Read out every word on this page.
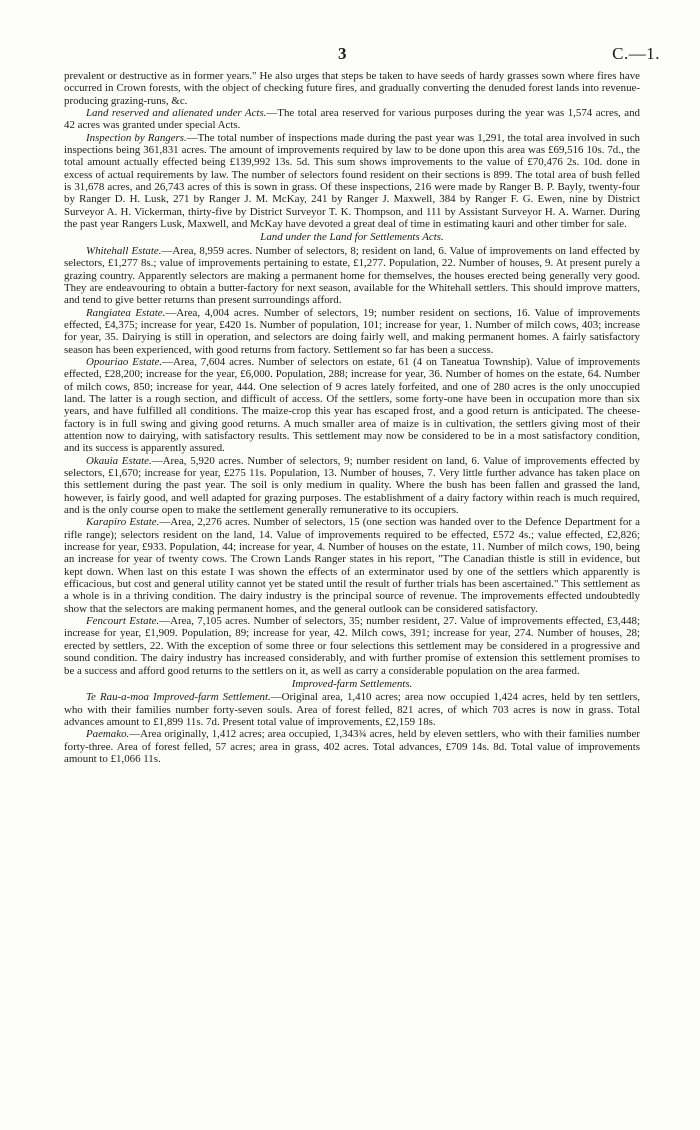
3	C.—1.

prevalent or destructive as in former years." He also urges that steps be taken to have seeds of hardy grasses sown where fires have occurred in Crown forests, with the object of checking future fires, and gradually converting the denuded forest lands into revenue-producing grazing-runs, &c.

Land reserved and alienated under Acts.—The total area reserved for various purposes during the year was 1,574 acres, and 42 acres was granted under special Acts.

Inspection by Rangers.—The total number of inspections made during the past year was 1,291, the total area involved in such inspections being 361,831 acres. The amount of improvements required by law to be done upon this area was £69,516 10s. 7d., the total amount actually effected being £139,992 13s. 5d. This sum shows improvements to the value of £70,476 2s. 10d. done in excess of actual requirements by law. The number of selectors found resident on their sections is 899. The total area of bush felled is 31,678 acres, and 26,743 acres of this is sown in grass. Of these inspections, 216 were made by Ranger B. P. Bayly, twenty-four by Ranger D. H. Lusk, 271 by Ranger J. M. McKay, 241 by Ranger J. Maxwell, 384 by Ranger F. G. Ewen, nine by District Surveyor A. H. Vickerman, thirty-five by District Surveyor T. K. Thompson, and 111 by Assistant Surveyor H. A. Warner. During the past year Rangers Lusk, Maxwell, and McKay have devoted a great deal of time in estimating kauri and other timber for sale.

Land under the Land for Settlements Acts.

Whitehall Estate.—Area, 8,959 acres. Number of selectors, 8; resident on land, 6. Value of improvements on land effected by selectors, £1,277 8s.; value of improvements pertaining to estate, £1,277. Population, 22. Number of houses, 9. At present purely a grazing country. Apparently selectors are making a permanent home for themselves, the houses erected being generally very good. They are endeavouring to obtain a butter-factory for next season, available for the Whitehall settlers. This should improve matters, and tend to give better returns than present surroundings afford.

Rangiatea Estate.—Area, 4,004 acres. Number of selectors, 19; number resident on sections, 16. Value of improvements effected, £4,375; increase for year, £420 1s. Number of population, 101; increase for year, 1. Number of milch cows, 403; increase for year, 35. Dairying is still in operation, and selectors are doing fairly well, and making permanent homes. A fairly satisfactory season has been experienced, with good returns from factory. Settlement so far has been a success.

Opouriao Estate.—Area, 7,604 acres. Number of selectors on estate, 61 (4 on Taneatua Township). Value of improvements effected, £28,200; increase for the year, £6,000. Population, 288; increase for year, 36. Number of homes on the estate, 64. Number of milch cows, 850; increase for year, 444. One selection of 9 acres lately forfeited, and one of 280 acres is the only unoccupied land. The latter is a rough section, and difficult of access. Of the settlers, some forty-one have been in occupation more than six years, and have fulfilled all conditions. The maize-crop this year has escaped frost, and a good return is anticipated. The cheese-factory is in full swing and giving good returns. A much smaller area of maize is in cultivation, the settlers giving most of their attention now to dairying, with satisfactory results. This settlement may now be considered to be in a most satisfactory condition, and its success is apparently assured.

Okauia Estate.—Area, 5,920 acres. Number of selectors, 9; number resident on land, 6. Value of improvements effected by selectors, £1,670; increase for year, £275 11s. Population, 13. Number of houses, 7. Very little further advance has taken place on this settlement during the past year. The soil is only medium in quality. Where the bush has been fallen and grassed the land, however, is fairly good, and well adapted for grazing purposes. The establishment of a dairy factory within reach is much required, and is the only course open to make the settlement generally remunerative to its occupiers.

Karapiro Estate.—Area, 2,276 acres. Number of selectors, 15 (one section was handed over to the Defence Department for a rifle range); selectors resident on the land, 14. Value of improvements required to be effected, £572 4s.; value effected, £2,826; increase for year, £933. Population, 44; increase for year, 4. Number of houses on the estate, 11. Number of milch cows, 190, being an increase for year of twenty cows. The Crown Lands Ranger states in his report, "The Canadian thistle is still in evidence, but kept down. When last on this estate I was shown the effects of an exterminator used by one of the settlers which apparently is efficacious, but cost and general utility cannot yet be stated until the result of further trials has been ascertained." This settlement as a whole is in a thriving condition. The dairy industry is the principal source of revenue. The improvements effected undoubtedly show that the selectors are making permanent homes, and the general outlook can be considered satisfactory.

Fencourt Estate.—Area, 7,105 acres. Number of selectors, 35; number resident, 27. Value of improvements effected, £3,448; increase for year, £1,909. Population, 89; increase for year, 42. Milch cows, 391; increase for year, 274. Number of houses, 28; erected by settlers, 22. With the exception of some three or four selections this settlement may be considered in a progressive and sound condition. The dairy industry has increased considerably, and with further promise of extension this settlement promises to be a success and afford good returns to the settlers on it, as well as carry a considerable population on the area farmed.

Improved-farm Settlements.

Te Rau-a-moa Improved-farm Settlement.—Original area, 1,410 acres; area now occupied 1,424 acres, held by ten settlers, who with their families number forty-seven souls. Area of forest felled, 821 acres, of which 703 acres is now in grass. Total advances amount to £1,899 11s. 7d. Present total value of improvements, £2,159 18s.

Paemako.—Area originally, 1,412 acres; area occupied, 1,343¾ acres, held by eleven settlers, who with their families number forty-three. Area of forest felled, 57 acres; area in grass, 402 acres. Total advances, £709 14s. 8d. Total value of improvements amount to £1,066 11s.
